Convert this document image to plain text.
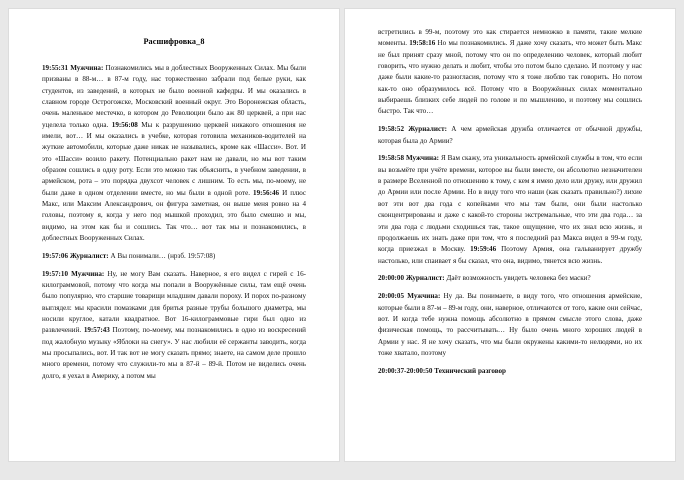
Расшифровка_8

19:55:31 Мужчина: Познакомились мы в доблестных Вооруженных Силах. Мы были призваны в 88-м… в 87-м году, нас торжественно забрали под белые руки, как студентов, из заведений, в которых не было военной кафедры. И мы оказались в славном городе Острогожске, Московский военный округ. Это Воронежская область, очень маленькое местечко, в котором до Революции было аж 80 церквей, а при нас уцелела только одна. 19:56:08 Мы к разрушению церквей никакого отношения не имели, вот… И мы оказались в учебке, которая готовила механиков-водителей на жуткие автомобили, которые даже никак не назывались, кроме как «Шасси». Вот. И это «Шасси» возило ракету. Потенциально ракет нам не давали, но мы вот таким образом сошлись в одну роту. Если это можно так объяснить, в учебном заведении, в армейском, рота – это порядка двухсот человек с лишним. То есть мы, по-моему, не были даже в одном отделении вместе, но мы были в одной роте. 19:56:46 И плюс Макс, или Максим Александрович, он фигура заметная, он выше меня ровно на 4 головы, поэтому я, когда у него под мышкой проходил, это было смешно и мы, видимо, на этом как бы и сошлись. Так что… вот так мы и познакомились, в доблестных Вооруженных Силах.

19:57:06 Журналист: А Вы понимали… (нрзб. 19:57:08)

19:57:10 Мужчина: Ну, не могу Вам сказать. Наверное, я его видел с гирей с 16-килограммовой, потому что когда мы попали в Вооружённые силы, там ещё очень было популярно, что старшие товарищи младшим давали пороху. И порох по-разному выглядел: мы красили помазками для бритья разные трубы большого диаметра, мы носили круглое, катали квадратное. Вот 16-килограммовые гири был одно из развлечений. 19:57:43 Поэтому, по-моему, мы познакомились в одно из воскресений под жалобную музыку «Яблоки на снегу». У нас любили её сержанты заводить, когда мы просыпались, вот. И так вот не могу сказать прямо; знаете, на самом деле прошло много времени, потому что служили-то мы в 87-й – 89-й. Потом не виделись очень долго, я уехал в Америку, а потом мы

встретились в 99-м, поэтому это как стирается немножко в памяти, такие мелкие моменты. 19:58:16 Но мы познакомились. Я даже хочу сказать, что может быть Макс не был принят сразу мной, потому что он по определению человек, который любит говорить, что нужно делать и любит, чтобы это потом было сделано. И поэтому у нас даже были какие-то разногласия, потому что я тоже люблю так говорить. Но потом как-то оно образумилось всё. Потому что в Вооружённых силах моментально выбираешь близких себе людей по голове и по мышлению, и поэтому мы сошлись быстро. Так что…

19:58:52 Журналист: А чем армейская дружба отличается от обычной дружбы, которая была до Армии?

19:58:58 Мужчина: Я Вам скажу, эта уникальность армейской службы в том, что если вы возьмёте при учёте времени, которое вы были вместе, он абсолютно незначителен в размере Вселенной по отношению к тому, с кем я имею дело или дружу, или дружил до Армии или после Армии. Но в виду того что наши (как сказать правильно?) лихие вот эти вот два года с копейками что мы там были, они были настолько сконцентрированы и даже с какой-то стороны экстремальные, что эти два года… за эти два года с людьми сходишься так, такое ощущение, что их знал всю жизнь, и продолжаешь их знать даже при том, что я последний раз Макса видел в 99-м году, когда приезжал в Москву. 19:59:46 Поэтому Армия, она гальванирует дружбу настолько, или спаивает я бы сказал, что она, видимо, тянется всю жизнь.

20:00:00 Журналист: Даёт возможность увидеть человека без маски?

20:00:05 Мужчина: Ну да. Вы понимаете, в виду того, что отношения армейские, которые были в 87-м – 89-м году, они, наверное, отличаются от того, какие они сейчас, вот. И когда тебе нужна помощь абсолютно в прямом смысле этого слова, даже физическая помощь, то рассчитывать… Ну было очень много хороших людей в Армии у нас. Я не хочу сказать, что мы были окружены какими-то нелюдями, но их тоже хватало, поэтому

20:00:37-20:00:50 Технический разговор
